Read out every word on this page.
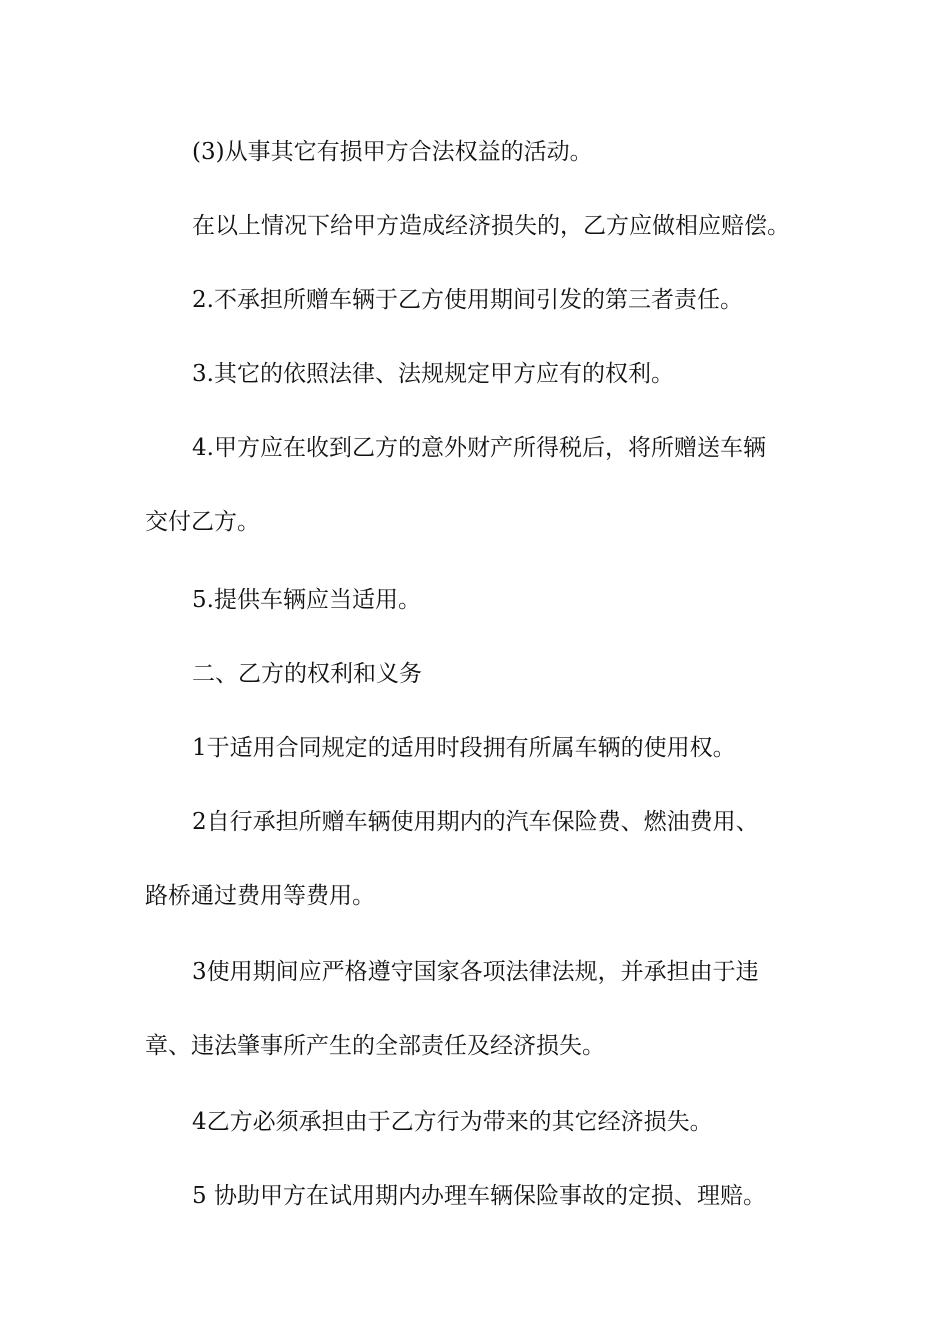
(3)从事其它有损甲方合法权益的活动。

在以上情况下给甲方造成经济损失的，乙方应做相应赔偿。

2.不承担所赠车辆于乙方使用期间引发的第三者责任。

3.其它的依照法律、法规规定甲方应有的权利。

4.甲方应在收到乙方的意外财产所得税后，将所赠送车辆
交付乙方。

5.提供车辆应当适用。

二、乙方的权利和义务

1于适用合同规定的适用时段拥有所属车辆的使用权。

2自行承担所赠车辆使用期内的汽车保险费、燃油费用、
路桥通过费用等费用。

3使用期间应严格遵守国家各项法律法规，并承担由于违
章、违法肇事所产生的全部责任及经济损失。

4乙方必须承担由于乙方行为带来的其它经济损失。

5 协助甲方在试用期内办理车辆保险事故的定损、理赔。
